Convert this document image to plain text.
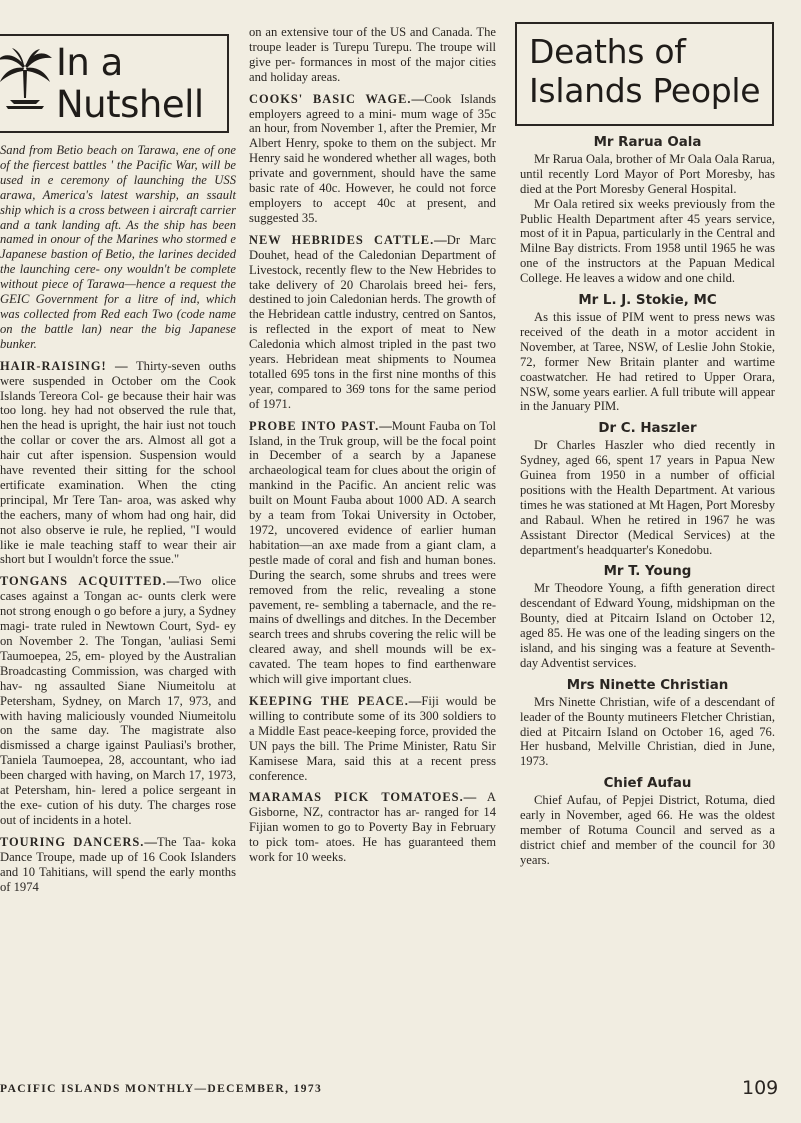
In a
Nutshell

Sand from Betio beach on Tarawa, ene of one of the fiercest battles ' the Pacific War, will be used in e ceremony of launching the USS arawa, America's latest warship, an ssault ship which is a cross between i aircraft carrier and a tank landing aft. As the ship has been named in onour of the Marines who stormed e Japanese bastion of Betio, the larines decided the launching cere- ony wouldn't be complete without piece of Tarawa—hence a request the GEIC Government for a litre of ind, which was collected from Red each Two (code name on the battle lan) near the big Japanese bunker.

HAIR-RAISING! — Thirty-seven ouths were suspended in October om the Cook Islands Tereora Col- ge because their hair was too long. hey had not observed the rule that, hen the head is upright, the hair iust not touch the collar or cover the ars. Almost all got a hair cut after ispension. Suspension would have revented their sitting for the school ertificate examination. When the cting principal, Mr Tere Tan- aroa, was asked why the eachers, many of whom had ong hair, did not also observe ie rule, he replied, "I would like ie male teaching staff to wear their air short but I wouldn't force the ssue."

TONGANS ACQUITTED.—Two olice cases against a Tongan ac- ounts clerk were not strong enough o go before a jury, a Sydney magi- trate ruled in Newtown Court, Syd- ey on November 2. The Tongan, 'auliasi Semi Taumoepea, 25, em- ployed by the Australian Broadcasting Commission, was charged with hav- ng assaulted Siane Niumeitolu at Petersham, Sydney, on March 17, 973, and with having maliciously vounded Niumeitolu on the same day. The magistrate also dismissed a charge igainst Pauliasi's brother, Taniela Taumoepea, 28, accountant, who iad been charged with having, on March 17, 1973, at Petersham, hin- lered a police sergeant in the exe- cution of his duty. The charges rose out of incidents in a hotel.

TOURING DANCERS.—The Taa- koka Dance Troupe, made up of 16 Cook Islanders and 10 Tahitians, will spend the early months of 1974

on an extensive tour of the US and Canada. The troupe leader is Turepu Turepu. The troupe will give per- formances in most of the major cities and holiday areas.

COOKS' BASIC WAGE.—Cook Islands employers agreed to a mini- mum wage of 35c an hour, from November 1, after the Premier, Mr Albert Henry, spoke to them on the subject. Mr Henry said he wondered whether all wages, both private and government, should have the same basic rate of 40c. However, he could not force employers to accept 40c at present, and suggested 35.

NEW HEBRIDES CATTLE.—Dr Marc Douhet, head of the Caledonian Department of Livestock, recently flew to the New Hebrides to take delivery of 20 Charolais breed hei- fers, destined to join Caledonian herds. The growth of the Hebridean cattle industry, centred on Santos, is reflected in the export of meat to New Caledonia which almost tripled in the past two years. Hebridean meat shipments to Noumea totalled 695 tons in the first nine months of this year, compared to 369 tons for the same period of 1971.

PROBE INTO PAST.—Mount Fauba on Tol Island, in the Truk group, will be the focal point in December of a search by a Japanese archaeological team for clues about the origin of mankind in the Pacific. An ancient relic was built on Mount Fauba about 1000 AD. A search by a team from Tokai University in October, 1972, uncovered evidence of earlier human habitation—an axe made from a giant clam, a pestle made of coral and fish and human bones. During the search, some shrubs and trees were removed from the relic, revealing a stone pavement, re- sembling a tabernacle, and the re- mains of dwellings and ditches. In the December search trees and shrubs covering the relic will be cleared away, and shell mounds will be ex- cavated. The team hopes to find earthenware which will give important clues.

KEEPING THE PEACE.—Fiji would be willing to contribute some of its 300 soldiers to a Middle East peace-keeping force, provided the UN pays the bill. The Prime Minister, Ratu Sir Kamisese Mara, said this at a recent press conference.

MARAMAS PICK TOMATOES.— A Gisborne, NZ, contractor has ar- ranged for 14 Fijian women to go to Poverty Bay in February to pick tom- atoes. He has guaranteed them work for 10 weeks.

Deaths of
Islands People
Mr Rarua Oala

Mr Rarua Oala, brother of Mr Oala Oala Rarua, until recently Lord Mayor of Port Moresby, has died at the Port Moresby General Hospital.

Mr Oala retired six weeks previously from the Public Health Department after 45 years service, most of it in Papua, particularly in the Central and Milne Bay districts. From 1958 until 1965 he was one of the instructors at the Papuan Medical College. He leaves a widow and one child.

Mr L. J. Stokie, MC

As this issue of PIM went to press news was received of the death in a motor accident in November, at Taree, NSW, of Leslie John Stokie, 72, former New Britain planter and wartime coastwatcher. He had retired to Upper Orara, NSW, some years earlier. A full tribute will appear in the January PIM.

Dr C. Haszler

Dr Charles Haszler who died recently in Sydney, aged 66, spent 17 years in Papua New Guinea from 1950 in a number of official positions with the Health Department. At various times he was stationed at Mt Hagen, Port Moresby and Rabaul. When he retired in 1967 he was Assistant Director (Medical Services) at the department's headquarter's Konedobu.

Mr T. Young

Mr Theodore Young, a fifth generation direct descendant of Edward Young, midshipman on the Bounty, died at Pitcairn Island on October 12, aged 85. He was one of the leading singers on the island, and his singing was a feature at Seventh-day Adventist services.

Mrs Ninette Christian

Mrs Ninette Christian, wife of a descendant of leader of the Bounty mutineers Fletcher Christian, died at Pitcairn Island on October 16, aged 76. Her husband, Melville Christian, died in June, 1973.

Chief Aufau

Chief Aufau, of Pepjei District, Rotuma, died early in November, aged 66. He was the oldest member of Rotuma Council and served as a district chief and member of the council for 30 years.

PACIFIC ISLANDS MONTHLY—DECEMBER, 1973	109
